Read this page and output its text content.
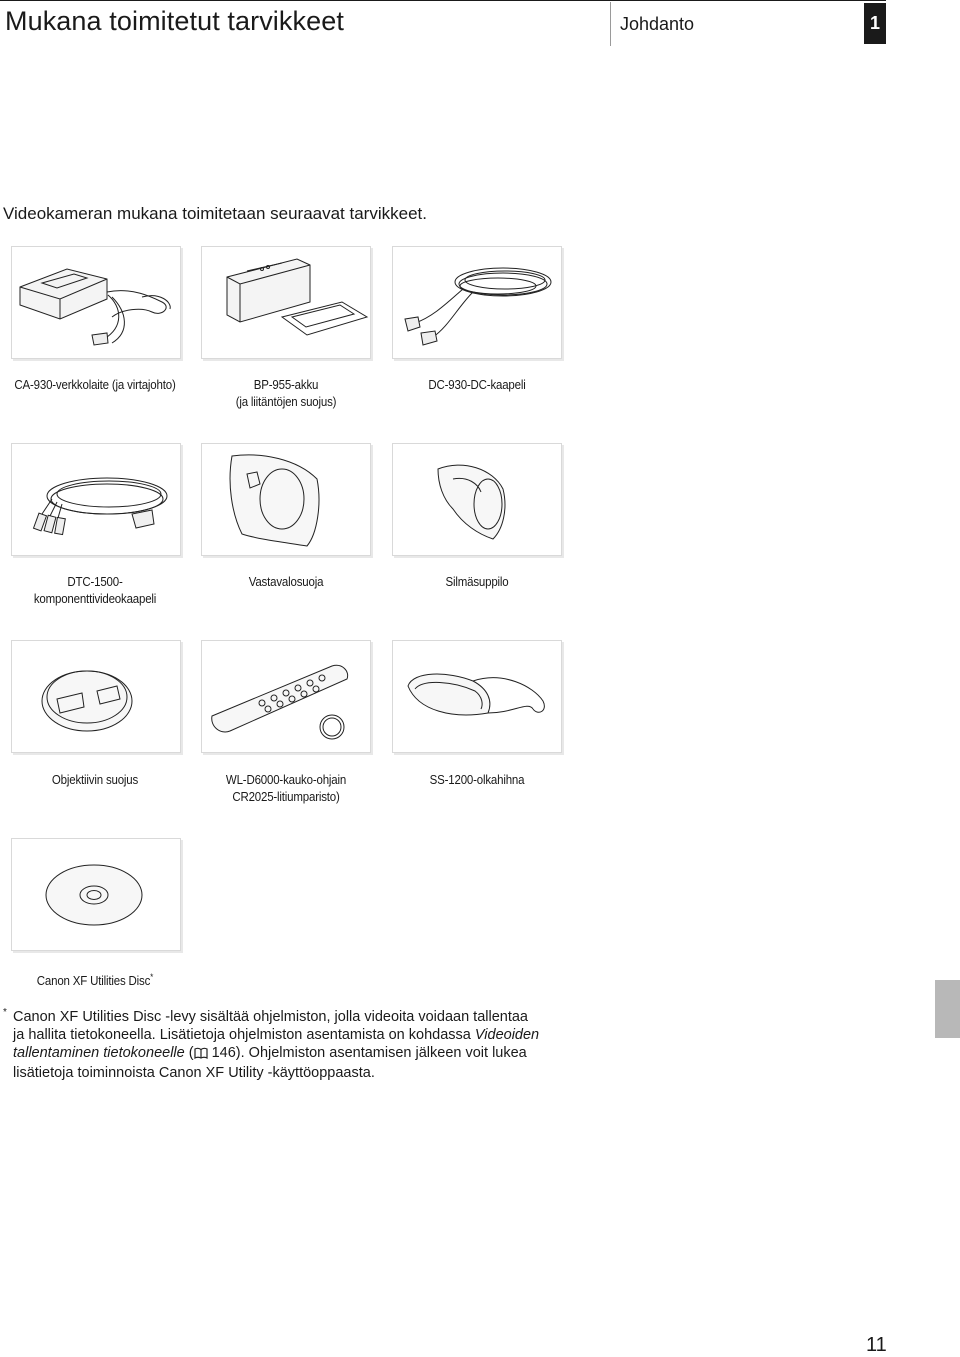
Mukana toimitetut tarvikkeet	Johdanto	1
Videokameran mukana toimitetaan seuraavat tarvikkeet.
CA-930-verkkolaite (ja virtajohto)	BP-955-akku
(ja liitäntöjen suojus)
DC-930-DC-kaapeli
DTC-1500-
komponenttivideokaapeli
Vastavalosuoja	Silmäsuppilo
Objektiivin suojus	WL-D6000-kauko-ohjain
CR2025-litiumparisto)
SS-1200-olkahihna
Canon XF Utilities Disc*
* Canon XF Utilities Disc -levy sisältää ohjelmiston, jolla videoita voidaan tallentaa ja hallita tietokoneella. Lisätietoja ohjelmiston asentamista on kohdassa Videoiden tallentaminen tietokoneelle ( 146). Ohjelmiston asentamisen jälkeen voit lukea lisätietoja toiminnoista Canon XF Utility -käyttöoppaasta.

11
